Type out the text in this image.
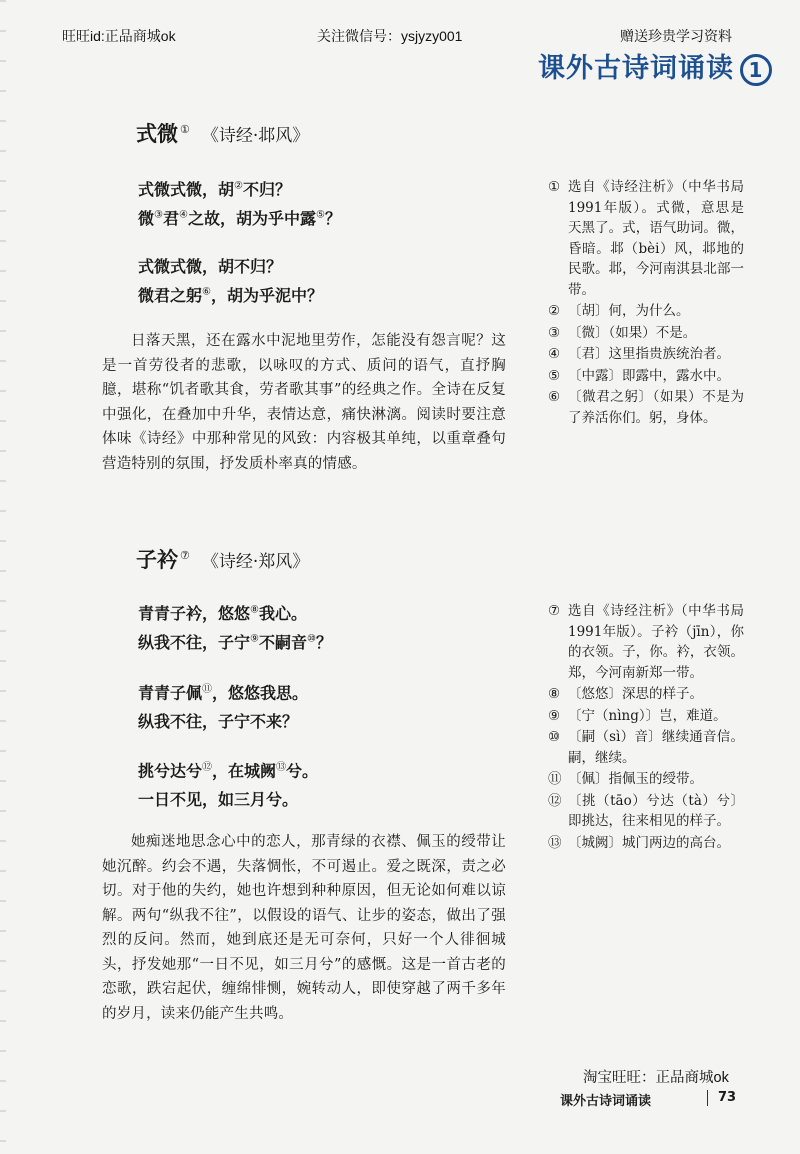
旺旺id:正品商城ok	关注微信号：ysjyzy001	赠送珍贵学习资料
课外古诗词诵读 1
式微 ① 《诗经·邶风》
式微式微，胡②不归？
微③君④之故，胡为乎中露⑤？
式微式微，胡不归？
微君之躬⑥，胡为乎泥中？
日落天黑，还在露水中泥地里劳作，怎能没有怨言呢？这是一首劳役者的悲歌，以咏叹的方式、质问的语气，直抒胸臆，堪称“饥者歌其食，劳者歌其事”的经典之作。全诗在反复中强化，在叠加中升华，表情达意，痛快淋漓。阅读时要注意体味《诗经》中那种常见的风致：内容极其单纯，以重章叠句营造特别的氛围，抒发质朴率真的情感。
① 选自《诗经注析》（中华书局1991年版）。式微，意思是天黑了。式，语气助词。微，昏暗。邶（bèi）风，邶地的民歌。邶，今河南淇县北部一带。
② 〔胡〕何，为什么。
③ 〔微〕（如果）不是。
④ 〔君〕这里指贵族统治者。
⑤ 〔中露〕即露中，露水中。
⑥ 〔微君之躬〕（如果）不是为了养活你们。躬，身体。
子衿 ⑦ 《诗经·郑风》
青青子衿，悠悠⑧我心。
纵我不往，子宁⑨不嗣音⑩？
青青子佩⑪，悠悠我思。
纵我不往，子宁不来？
挑兮达兮⑫，在城阙⑬兮。
一日不见，如三月兮。
她痴迷地思念心中的恋人，那青绿的衣襟、佩玉的绶带让她沉醉。约会不遇，失落惆怅，不可遏止。爱之既深，责之必切。对于他的失约，她也许想到种种原因，但无论如何难以谅解。两句“纵我不往”，以假设的语气、让步的姿态，做出了强烈的反问。然而，她到底还是无可奈何，只好一个人徘徊城头，抒发她那“一日不见，如三月兮”的感慨。这是一首古老的恋歌，跌宕起伏，缠绵悱恻，婉转动人，即使穿越了两千多年的岁月，读来仍能产生共鸣。
⑦ 选自《诗经注析》（中华书局1991年版）。子衿（jīn），你的衣领。子，你。衿，衣领。郑，今河南新郑一带。
⑧ 〔悠悠〕深思的样子。
⑨ 〔宁（nìng）〕岂，难道。
⑩ 〔嗣（sì）音〕继续通音信。嗣，继续。
⑪ 〔佩〕指佩玉的绶带。
⑫ 〔挑（tāo）兮达（tà）兮〕即挑达，往来相见的样子。
⑬ 〔城阙〕城门两边的高台。
淘宝旺旺：正品商城ok
课外古诗词诵读	73
